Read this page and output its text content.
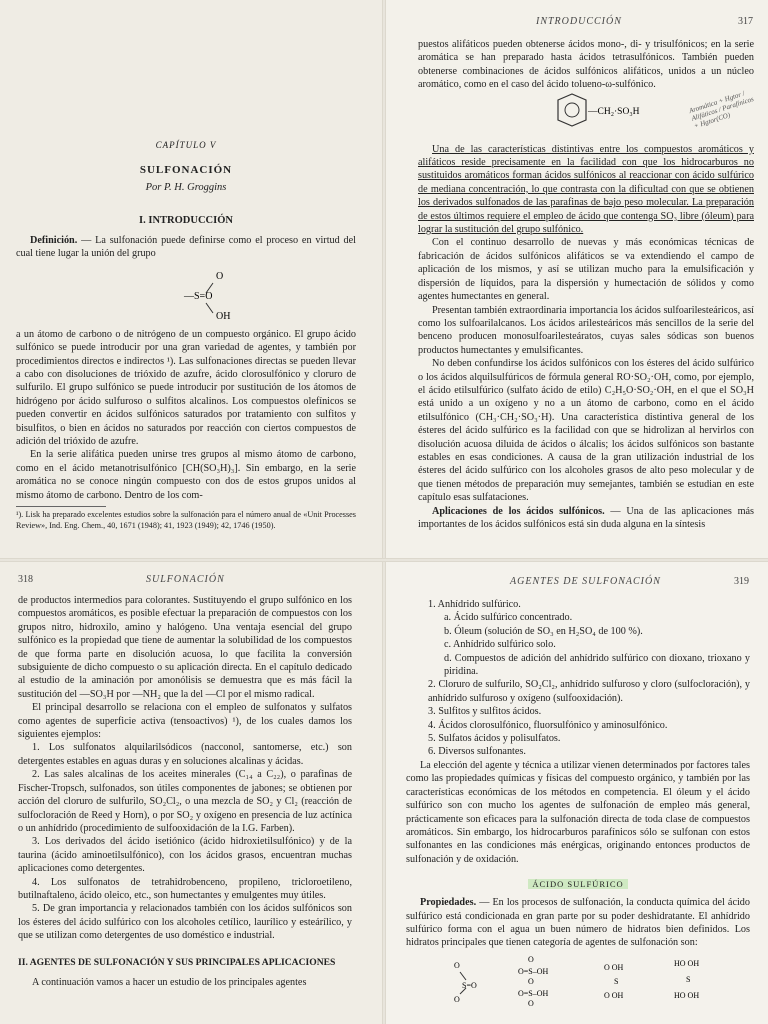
CAPÍTULO V
SULFONACIÓN
Por P. H. Groggins
I. INTRODUCCIÓN

Definición. — La sulfonación puede definirse como el proceso en virtud del cual tiene lugar la unión del grupo

O
—S=O
OH

a un átomo de carbono o de nitrógeno de un compuesto orgánico. El grupo ácido sulfónico se puede introducir por una gran variedad de agentes, y también por procedimientos directos e indirectos ¹). Las sulfonaciones directas se pueden llevar a cabo con disoluciones de trióxido de azufre, ácido clorosulfónico y cloruro de sulfurilo. El grupo sulfónico se puede introducir por sustitución de los átomos de hidrógeno por ácido sulfuroso o sulfitos alcalinos. Los compuestos olefínicos se pueden convertir en ácidos sulfónicos saturados por tratamiento con sulfitos y bisulfitos, o bien en ácidos no saturados por reacción con ciertos compuestos de adición del trióxido de azufre.

En la serie alifática pueden unirse tres grupos al mismo átomo de carbono, como en el ácido metanotrisulfónico [CH(SO₃H)₃]. Sin embargo, en la serie aromática no se conoce ningún compuesto con dos de estos grupos unidos al mismo átomo de carbono. Dentro de los com-

¹). Lisk ha preparado excelentes estudios sobre la sulfonación para el número anual de «Unit Processes Review», Ind. Eng. Chem., 40, 1671 (1948); 41, 1923 (1949); 42, 1746 (1950).
INTRODUCCIÓN	317

puestos alifáticos pueden obtenerse ácidos mono-, di- y trisulfónicos; en la serie aromática se han preparado hasta ácidos tetrasulfónicos. También pueden obtenerse combinaciones de ácidos sulfónicos alifáticos, unidos a un núcleo aromático, como en el caso del ácido tolueno-ω-sulfónico.

—CH₂·SO₃H

Una de las características distintivas entre los compuestos aromáticos y alifáticos reside precisamente en la facilidad con que los hidrocarburos no sustituidos aromáticos forman ácidos sulfónicos al reaccionar con ácido sulfúrico de mediana concentración, lo que contrasta con la dificultad con que se obtienen los derivados sulfonados de las parafinas de bajo peso molecular. La preparación de estos últimos requiere el empleo de ácido que contenga SO₃ libre (óleum) para lograr la sustitución del grupo sulfónico.

Con el continuo desarrollo de nuevas y más económicas técnicas de fabricación de ácidos sulfónicos alifáticos se va extendiendo el campo de aplicación de los mismos, y así se utilizan mucho para la emulsificación y dispersión de líquidos, para la dispersión y humectación de sólidos y como agentes humectantes en general.

Presentan también extraordinaria importancia los ácidos sulfoarilesteáricos, así como los sulfoarilalcanos. Los ácidos arilesteáricos más sencillos de la serie del benceno producen monosulfoarilesteáratos, cuyas sales sódicas son buenos productos humectantes y emulsificantes.

No deben confundirse los ácidos sulfónicos con los ésteres del ácido sulfúrico o los ácidos alquilsulfúricos de fórmula general RO·SO₂·OH, como, por ejemplo, el ácido etilsulfúrico (sulfato ácido de etilo) C₂H₅O·SO₂·OH, en el que el SO₃H está unido a un oxígeno y no a un átomo de carbono, como en el ácido etilsulfónico (CH₃·CH₂·SO₃·H). Una característica distintiva general de los ésteres del ácido sulfúrico es la facilidad con que se hidrolizan al hervirlos con disolución acuosa diluida de ácidos o álcalis; los ácidos sulfónicos son bastante estables en esas condiciones. A causa de la gran utilización industrial de los ésteres del ácido sulfúrico con los alcoholes grasos de alto peso molecular y de que tienen métodos de preparación muy semejantes, también se estudian en este capítulo esas sulfataciones.

Aplicaciones de los ácidos sulfónicos. — Una de las aplicaciones más importantes de los ácidos sulfónicos está sin duda alguna en la síntesis

Aromática + Hgtor / Alifáticos / Parafínicos + Hgtor(CO)
318	SULFONACIÓN

de productos intermedios para colorantes. Sustituyendo el grupo sulfónico en los compuestos aromáticos, es posible efectuar la preparación de compuestos con los grupos nitro, hidroxilo, amino y halógeno. Una ventaja esencial del grupo sulfónico es la propiedad que tiene de aumentar la solubilidad de los compuestos de que forma parte en disolución acuosa, lo que facilita la conversión subsiguiente de dicho compuesto o su aplicación directa. En el capítulo dedicado al estudio de la aminación por amonólisis se demuestra que es más fácil la sustitución del —SO₃H por —NH₂ que la del —Cl por el mismo radical.

El principal desarrollo se relaciona con el empleo de sulfonatos y sulfatos como agentes de superficie activa (tensoactivos) ¹), de los cuales damos los siguientes ejemplos:

1. Los sulfonatos alquilarilsódicos (nacconol, santomerse, etc.) son detergentes estables en aguas duras y en soluciones alcalinas y ácidas.

2. Las sales alcalinas de los aceites minerales (C₁₄ a C₂₂), o parafinas de Fischer-Tropsch, sulfonados, son útiles componentes de jabones; se obtienen por acción del cloruro de sulfurilo, SO₂Cl₂, o una mezcla de SO₂ y Cl₂ (reacción de sulfocloración de Reed y Horn), o por SO₂ y oxígeno en presencia de luz actínica o un anhídrido (procedimiento de sulfooxidación de la I.G. Farben).

3. Los derivados del ácido isetiónico (ácido hidroxietilsulfónico) y de la taurina (ácido aminoetilsulfónico), con los ácidos grasos, encuentran muchas aplicaciones como detergentes.

4. Los sulfonatos de tetrahidrobenceno, propileno, tricloroetileno, butilnaftaleno, ácido oleico, etc., son humectantes y emulgentes muy útiles.

5. De gran importancia y relacionados también con los ácidos sulfónicos son los ésteres del ácido sulfúrico con los alcoholes cetílico, laurílico y esteárílico, y que se utilizan como detergentes de uso doméstico e industrial.

II. AGENTES DE SULFONACIÓN Y SUS PRINCIPALES APLICACIONES

A continuación vamos a hacer un estudio de los principales agentes

AGENTES DE SULFONACIÓN	319
1. Anhídrido sulfúrico.
a. Ácido sulfúrico concentrado.
b. Óleum (solución de SO₃ en H₂SO₄ de 100 %).
c. Anhídrido sulfúrico solo.
d. Compuestos de adición del anhídrido sulfúrico con dioxano, trioxano y piridina.
2. Cloruro de sulfurilo, SO₂Cl₂, anhídrido sulfuroso y cloro (sulfocloración), y anhídrido sulfuroso y oxígeno (sulfooxidación).
3. Sulfitos y sulfitos ácidos.
4. Ácidos clorosulfónico, fluorsulfónico y aminosulfónico.
5. Sulfatos ácidos y polisulfatos.
6. Diversos sulfonantes.

La elección del agente y técnica a utilizar vienen determinados por factores tales como las propiedades químicas y físicas del compuesto orgánico, y también por las características económicas de los métodos en competencia. El óleum y el ácido sulfúrico son con mucho los agentes de sulfonación de empleo más general, prácticamente son eficaces para la sulfonación directa de toda clase de compuestos aromáticos. Sin embargo, los hidrocarburos parafínicos sólo se sulfonan con estos sulfonantes en las condiciones más enérgicas, originando entonces productos de sulfonación y de oxidación.

ÁCIDO SULFÚRICO

Propiedades. — En los procesos de sulfonación, la conducta química del ácido sulfúrico está condicionada en gran parte por su poder deshidratante. El anhídrido sulfúrico forma con el agua un buen número de hidratos bien definidos. Los hidratos principales que tienen categoría de agentes de sulfonación son:

O
S=O
O
O
O=S–OH
O
O=S–OH
O
O OH
S
O OH
HO OH
S
HO OH
